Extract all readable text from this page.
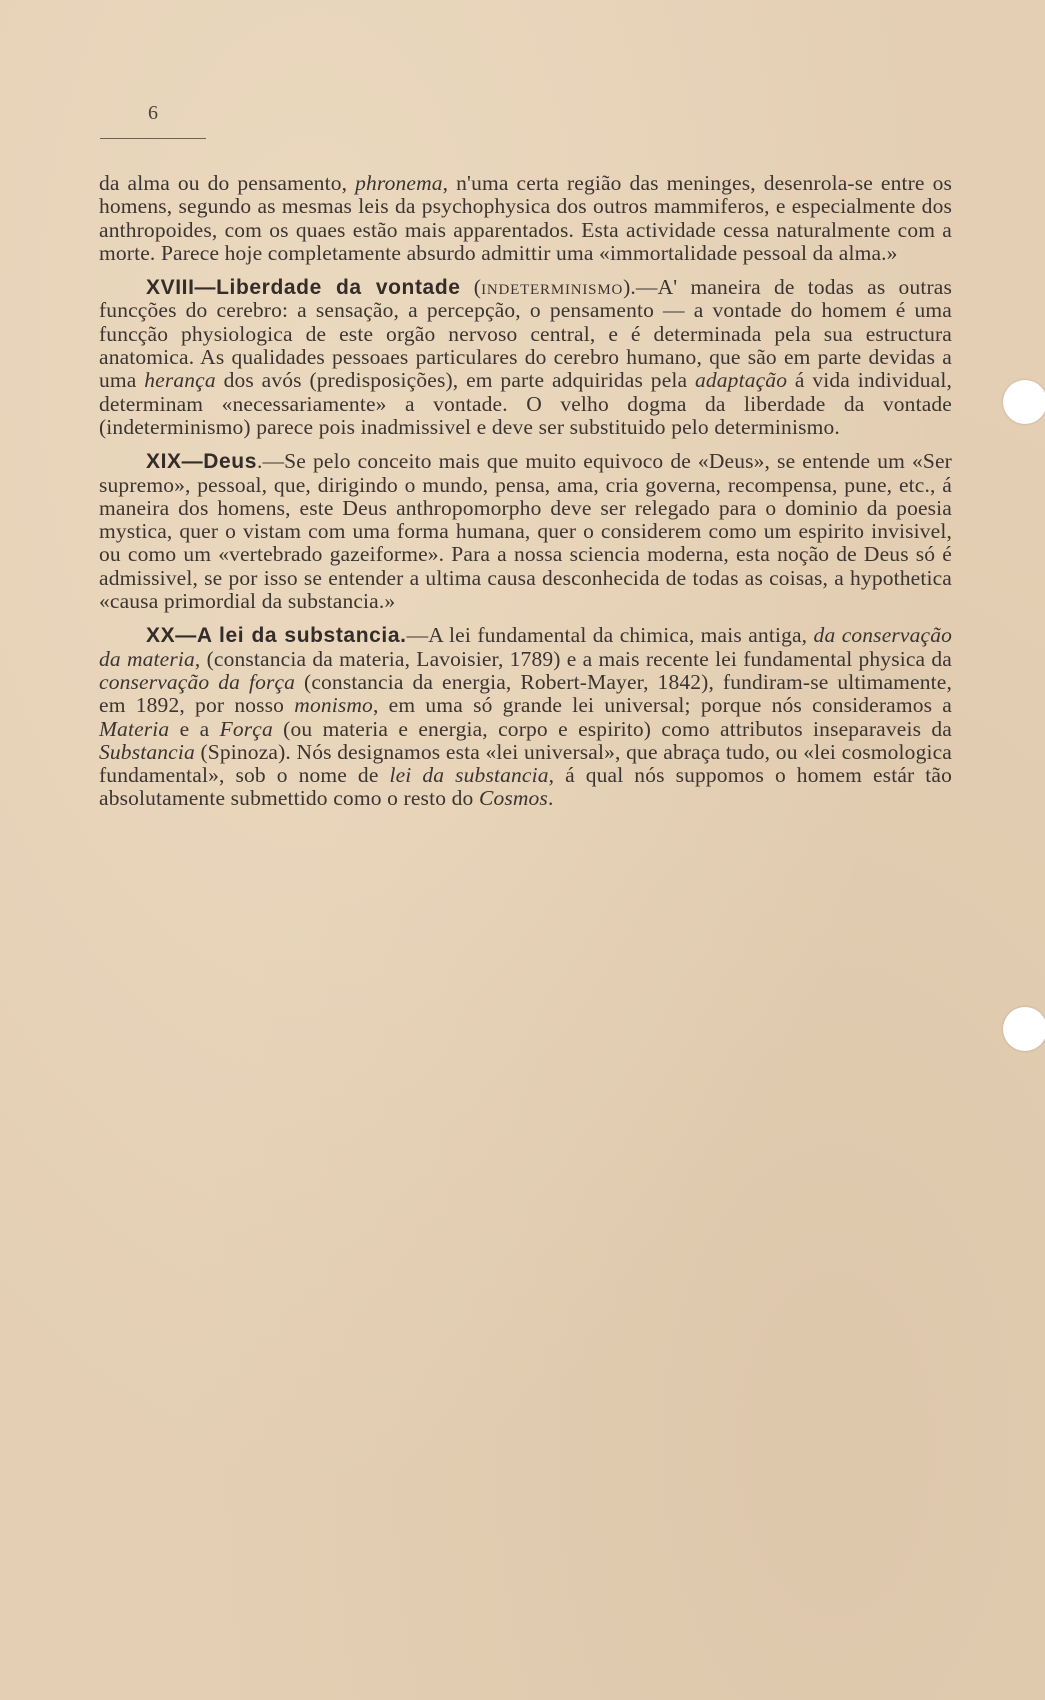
6

da alma ou do pensamento, phronema, n'uma certa região das meninges, desenrola-se entre os homens, segundo as mesmas leis da psychophysica dos outros mammiferos, e especialmente dos anthropoides, com os quaes estão mais apparentados. Esta actividade cessa naturalmente com a morte. Parece hoje completamente absurdo admittir uma «immortalidade pessoal da alma.»

XVIII—Liberdade da vontade (indeterminismo).—A' maneira de todas as outras funcções do cerebro: a sensação, a percepção, o pensamento — a vontade do homem é uma funcção physiologica de este orgão nervoso central, e é determinada pela sua estructura anatomica. As qualidades pessoaes particulares do cerebro humano, que são em parte devidas a uma herança dos avós (predisposições), em parte adquiridas pela adaptação á vida individual, determinam «necessariamente» a vontade. O velho dogma da liberdade da vontade (indeterminismo) parece pois inadmissivel e deve ser substituido pelo determinismo.

XIX—Deus.—Se pelo conceito mais que muito equivoco de «Deus», se entende um «Ser supremo», pessoal, que, dirigindo o mundo, pensa, ama, cria governa, recompensa, pune, etc., á maneira dos homens, este Deus anthropomorpho deve ser relegado para o dominio da poesia mystica, quer o vistam com uma forma humana, quer o considerem como um espirito invisivel, ou como um «vertebrado gazeiforme». Para a nossa sciencia moderna, esta noção de Deus só é admissivel, se por isso se entender a ultima causa desconhecida de todas as coisas, a hypothetica «causa primordial da substancia.»

XX—A lei da substancia.—A lei fundamental da chimica, mais antiga, da conservação da materia, (constancia da materia, Lavoisier, 1789) e a mais recente lei fundamental physica da conservação da força (constancia da energia, Robert-Mayer, 1842), fundiram-se ultimamente, em 1892, por nosso monismo, em uma só grande lei universal; porque nós consideramos a Materia e a Força (ou materia e energia, corpo e espirito) como attributos inseparaveis da Substancia (Spinoza). Nós designamos esta «lei universal», que abraça tudo, ou «lei cosmologica fundamental», sob o nome de lei da substancia, á qual nós suppomos o homem estár tão absolutamente submettido como o resto do Cosmos.
